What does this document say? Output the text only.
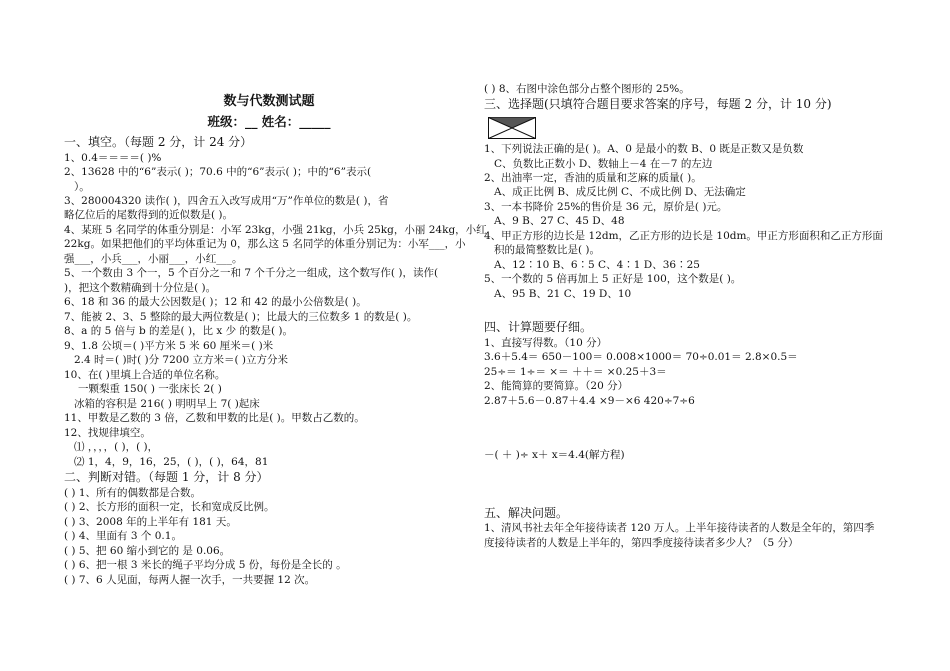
数与代数测试题
班级：__ 姓名：_____
一、填空。（每题 2 分，计 24 分）
1、0.4＝＝＝＝( )%
2、13628 中的“6”表示( )；70.6 中的“6”表示( )；中的“6”表示(
）。
3、280004320 读作( )，四舍五入改写成用“万”作单位的数是( )，省
略亿位后的尾数得到的近似数是( )。
4、某班 5 名同学的体重分别是：小军 23kg，小强 21kg，小兵 25kg，小丽 24kg，小红
22kg。如果把他们的平均体重记为 0，那么这 5 名同学的体重分别记为：小军___，小
强___，小兵___，小丽___，小红___。
5、一个数由 3 个一，5 个百分之一和 7 个千分之一组成，这个数写作( )，读作(
)，把这个数精确到十分位是( )。
6、18 和 36 的最大公因数是( )；12 和 42 的最小公倍数是( )。
7、能被 2、3、5 整除的最大两位数是( )；比最大的三位数多 1 的数是( )。
8、a 的 5 倍与 b 的差是( )，比 x 少 的数是( )。
9、1.8 公顷＝( )平方米 5 米 60 厘米＝( )米
2.4 时＝( )时( )分 7200 立方米＝( )立方分米
10、在( )里填上合适的单位名称。
一颗梨重 150( ) 一张床长 2( )
冰箱的容积是 216( ) 明明早上 7( )起床
11、甲数是乙数的 3 倍，乙数和甲数的比是( )。甲数占乙数的。
12、找规律填空。
⑴ ，，，，( )，( )，
⑵ 1，4，9，16，25，( )，( )，64，81
二、判断对错。（每题 1 分，计 8 分）
( ) 1、所有的偶数都是合数。
( ) 2、长方形的面积一定，长和宽成反比例。
( ) 3、2008 年的上半年有 181 天。
( ) 4、里面有 3 个 0.1。
( ) 5、把 60 缩小到它的 是 0.06。
( ) 6、把一根 3 米长的绳子平均分成 5 份，每份是全长的 。
( ) 7、6 人见面，每两人握一次手，一共要握 12 次。
( ) 8、右图中涂色部分占整个图形的 25%。
三、选择题(只填符合题目要求答案的序号，每题 2 分，计 10 分)
1、下列说法正确的是( )。A、0 是最小的数 B、0 既是正数又是负数
C、负数比正数小 D、数轴上－4 在－7 的左边
2、出油率一定，香油的质量和芝麻的质量( )。
A、成正比例 B、成反比例 C、不成比例 D、无法确定
3、一本书降价 25%的售价是 36 元，原价是( )元。
A、9 B、27 C、45 D、48
4、甲正方形的边长是 12dm，乙正方形的边长是 10dm。甲正方形面积和乙正方形面
积的最简整数比是( )。
A、12∶10 B、6∶5 C、4∶1 D、36∶25
5、一个数的 5 倍再加上 5 正好是 100，这个数是( )。
A、95 B、21 C、19 D、10
四、计算题要仔细。
1、直接写得数。（10 分）
3.6＋5.4＝ 650－100＝ 0.008×1000＝ 70÷0.01＝ 2.8×0.5＝
25÷＝ 1÷＝ ×＝ ＋＋＝ ×0.25＋3＝
2、能简算的要简算。（20 分）
2.87＋5.6－0.87＋4.4 ×9－×6 420÷7÷6
－( ＋ )÷ x＋ x＝4.4(解方程)
五、解决问题。
1、清风书社去年全年接待读者 120 万人。上半年接待读者的人数是全年的，第四季
度接待读者的人数是上半年的，第四季度接待读者多少人？（5 分）
